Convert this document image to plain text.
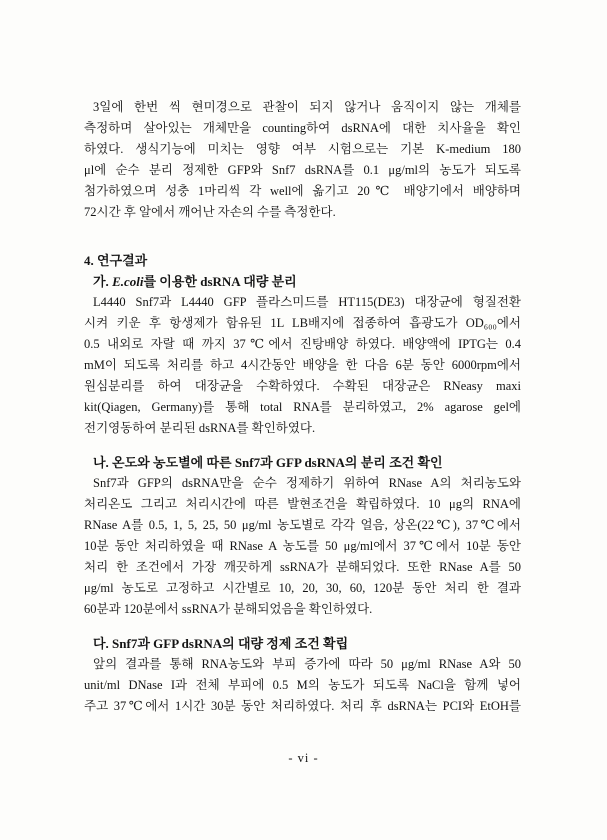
3일에 한번 씩 현미경으로 관찰이 되지 않거나 움직이지 않는 개체를
측정하며 살아있는 개체만을 counting하여 dsRNA에 대한 치사율을 확인
하였다. 생식기능에 미치는 영향 여부 시험으로는 기본 K-medium 180
μl에 순수 분리 정제한 GFP와 Snf7 dsRNA를 0.1 μg/ml의 농도가 되도록
첨가하였으며 성충 1마리씩 각 well에 옮기고 20℃ 배양기에서 배양하며
72시간 후 알에서 깨어난 자손의 수를 측정한다.
4. 연구결과
가. E.coli를 이용한 dsRNA 대량 분리
L4440 Snf7과 L4440 GFP 플라스미드를 HT115(DE3) 대장균에 형질전환
시켜 키운 후 항생제가 함유된 1L LB배지에 접종하여 흡광도가 OD₆₀₀에서
0.5 내외로 자랄 때 까지 37℃에서 진탕배양 하였다. 배양액에 IPTG는 0.4
mM이 되도록 처리를 하고 4시간동안 배양을 한 다음 6분 동안 6000rpm에서
원심분리를 하여 대장균을 수확하였다. 수확된 대장균은 RNeasy maxi
kit(Qiagen, Germany)를 통해 total RNA를 분리하였고, 2% agarose gel에
전기영동하여 분리된 dsRNA를 확인하였다.
나. 온도와 농도별에 따른 Snf7과 GFP dsRNA의 분리 조건 확인
Snf7과 GFP의 dsRNA만을 순수 정제하기 위하여 RNase A의 처리농도와
처리온도 그리고 처리시간에 따른 발현조건을 확립하였다. 10 μg의 RNA에
RNase A를 0.5, 1, 5, 25, 50 μg/ml 농도별로 각각 얼음, 상온(22℃), 37℃에서
10분 동안 처리하였을 때 RNase A 농도를 50 μg/ml에서 37℃에서 10분 동안
처리 한 조건에서 가장 깨끗하게 ssRNA가 분해되었다. 또한 RNase A를 50
μg/ml 농도로 고정하고 시간별로 10, 20, 30, 60, 120분 동안 처리 한 결과
60분과 120분에서 ssRNA가 분해되었음을 확인하였다.
다. Snf7과 GFP dsRNA의 대량 정제 조건 확립
앞의 결과를 통해 RNA농도와 부피 증가에 따라 50 μg/ml RNase A와 50
unit/ml DNase I과 전체 부피에 0.5 M의 농도가 되도록 NaCl을 함께 넣어
주고 37℃에서 1시간 30분 동안 처리하였다. 처리 후 dsRNA는 PCI와 EtOH를
- vi -
